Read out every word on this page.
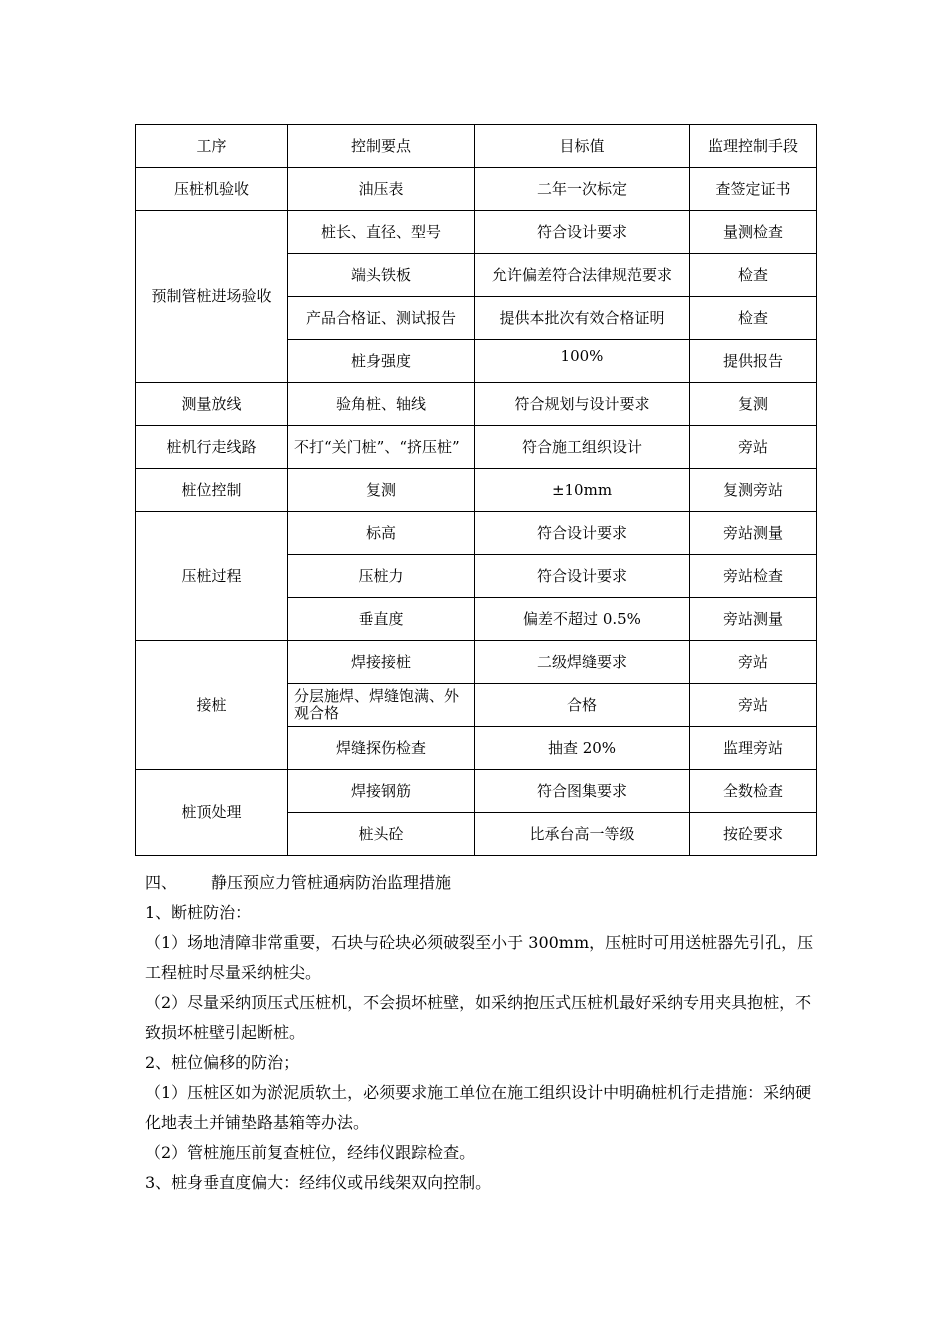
工序	控制要点	目标值	监理控制手段
压桩机验收	油压表	二年一次标定	查签定证书
预制管桩进场验收	桩长、直径、型号	符合设计要求	量测检查
	端头铁板	允许偏差符合法律规范要求	检查
	产品合格证、测试报告	提供本批次有效合格证明	检查
	桩身强度	100%	提供报告
测量放线	验角桩、轴线	符合规划与设计要求	复测
桩机行走线路	不打“关门桩”、“挤压桩”	符合施工组织设计	旁站
桩位控制	复测	±10mm	复测旁站
压桩过程	标高	符合设计要求	旁站测量
	压桩力	符合设计要求	旁站检查
	垂直度	偏差不超过 0.5%	旁站测量
接桩	焊接接桩	二级焊缝要求	旁站
	分层施焊、焊缝饱满、外观合格	合格	旁站
	焊缝探伤检查	抽查 20%	监理旁站
桩顶处理	焊接钢筋	符合图集要求	全数检查
	桩头砼	比承台高一等级	按砼要求

四、 静压预应力管桩通病防治监理措施

1、断桩防治：

（1）场地清障非常重要，石块与砼块必须破裂至小于 300mm，压桩时可用送桩器先引孔，压工程桩时尽量采纳桩尖。

（2）尽量采纳顶压式压桩机，不会损坏桩壁，如采纳抱压式压桩机最好采纳专用夹具抱桩，不致损坏桩壁引起断桩。

2、桩位偏移的防治；

（1）压桩区如为淤泥质软土，必须要求施工单位在施工组织设计中明确桩机行走措施：采纳硬化地表土并铺垫路基箱等办法。

（2）管桩施压前复查桩位，经纬仪跟踪检查。

3、桩身垂直度偏大：经纬仪或吊线架双向控制。
